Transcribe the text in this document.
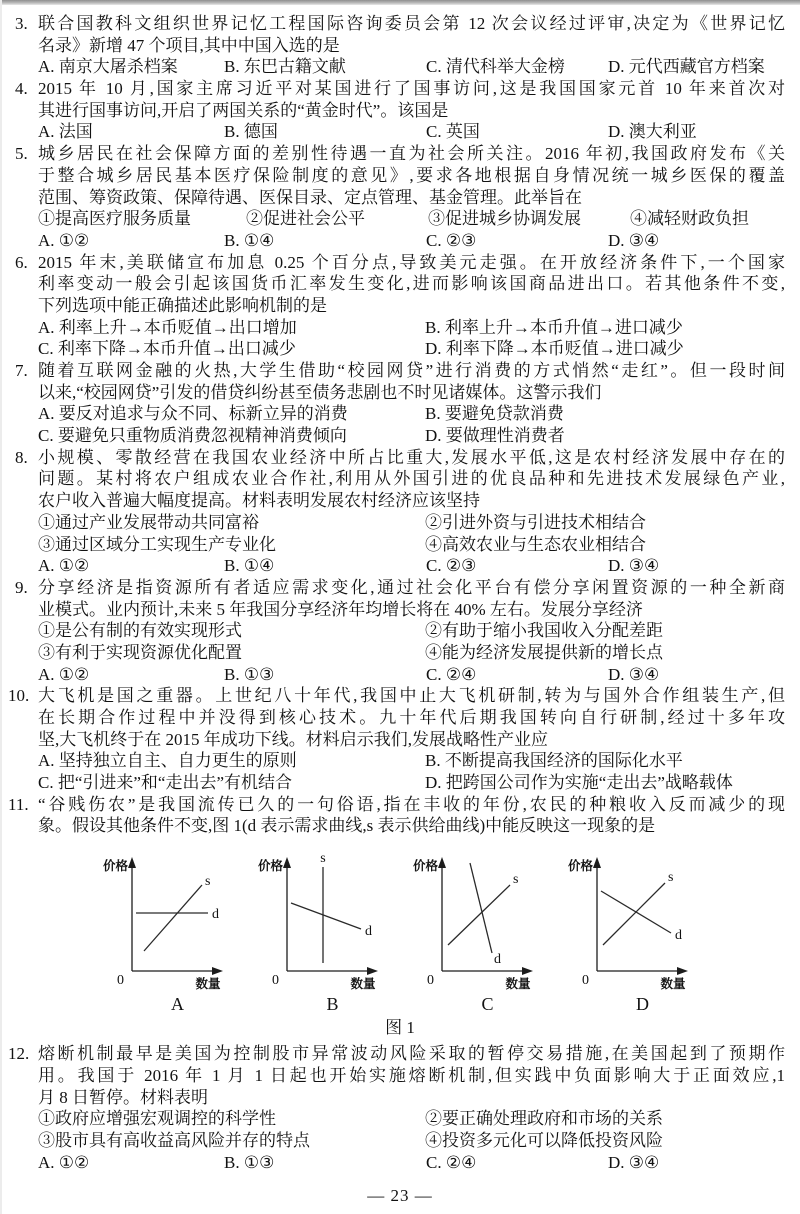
3. 联合国教科文组织世界记忆工程国际咨询委员会第 12 次会议经过评审,决定为《世界记忆
名录》新增 47 个项目,其中中国入选的是
A. 南京大屠杀档案	B. 东巴古籍文献	C. 清代科举大金榜	D. 元代西藏官方档案
4. 2015 年 10 月,国家主席习近平对某国进行了国事访问,这是我国国家元首 10 年来首次对
其进行国事访问,开启了两国关系的“黄金时代”。该国是
A. 法国	B. 德国	C. 英国	D. 澳大利亚
5. 城乡居民在社会保障方面的差别性待遇一直为社会所关注。2016 年初,我国政府发布《关
于整合城乡居民基本医疗保险制度的意见》,要求各地根据自身情况统一城乡医保的覆盖
范围、筹资政策、保障待遇、医保目录、定点管理、基金管理。此举旨在
①提高医疗服务质量	②促进社会公平	③促进城乡协调发展	④减轻财政负担
A. ①②	B. ①④	C. ②③	D. ③④
6. 2015 年末,美联储宣布加息 0.25 个百分点,导致美元走强。在开放经济条件下,一个国家
利率变动一般会引起该国货币汇率发生变化,进而影响该国商品进出口。若其他条件不变,
下列选项中能正确描述此影响机制的是
A. 利率上升→本币贬值→出口增加	B. 利率上升→本币升值→进口减少
C. 利率下降→本币升值→出口减少	D. 利率下降→本币贬值→进口减少
7. 随着互联网金融的火热,大学生借助“校园网贷”进行消费的方式悄然“走红”。但一段时间
以来,“校园网贷”引发的借贷纠纷甚至债务悲剧也不时见诸媒体。这警示我们
A. 要反对追求与众不同、标新立异的消费	B. 要避免贷款消费
C. 要避免只重物质消费忽视精神消费倾向	D. 要做理性消费者
8. 小规模、零散经营在我国农业经济中所占比重大,发展水平低,这是农村经济发展中存在的
问题。某村将农户组成农业合作社,利用从外国引进的优良品种和先进技术发展绿色产业,
农户收入普遍大幅度提高。材料表明发展农村经济应该坚持
①通过产业发展带动共同富裕	②引进外资与引进技术相结合
③通过区域分工实现生产专业化	④高效农业与生态农业相结合
A. ①②	B. ①④	C. ②③	D. ③④
9. 分享经济是指资源所有者适应需求变化,通过社会化平台有偿分享闲置资源的一种全新商
业模式。业内预计,未来 5 年我国分享经济年均增长将在 40% 左右。发展分享经济
①是公有制的有效实现形式	②有助于缩小我国收入分配差距
③有利于实现资源优化配置	④能为经济发展提供新的增长点
A. ①②	B. ①③	C. ②④	D. ③④
10. 大飞机是国之重器。上世纪八十年代,我国中止大飞机研制,转为与国外合作组装生产,但
在长期合作过程中并没得到核心技术。九十年代后期我国转向自行研制,经过十多年攻
坚,大飞机终于在 2015 年成功下线。材料启示我们,发展战略性产业应
A. 坚持独立自主、自力更生的原则	B. 不断提高我国经济的国际化水平
C. 把“引进来”和“走出去”有机结合	D. 把跨国公司作为实施“走出去”战略载体
11. “谷贱伤农”是我国流传已久的一句俗语,指在丰收的年份,农民的种粮收入反而减少的现
象。假设其他条件不变,图 1(d 表示需求曲线,s 表示供给曲线)中能反映这一现象的是
价格
0	数量
s
d
价格
0	数量
s
d
价格
0	数量
s
d
价格
0	数量
s
d
A	B	C	D
图 1
12. 熔断机制最早是美国为控制股市异常波动风险采取的暂停交易措施,在美国起到了预期作
用。我国于 2016 年 1 月 1 日起也开始实施熔断机制,但实践中负面影响大于正面效应,1
月 8 日暂停。材料表明
①政府应增强宏观调控的科学性	②要正确处理政府和市场的关系
③股市具有高收益高风险并存的特点	④投资多元化可以降低投资风险
A. ①②	B. ①③	C. ②④	D. ③④
— 23 —
